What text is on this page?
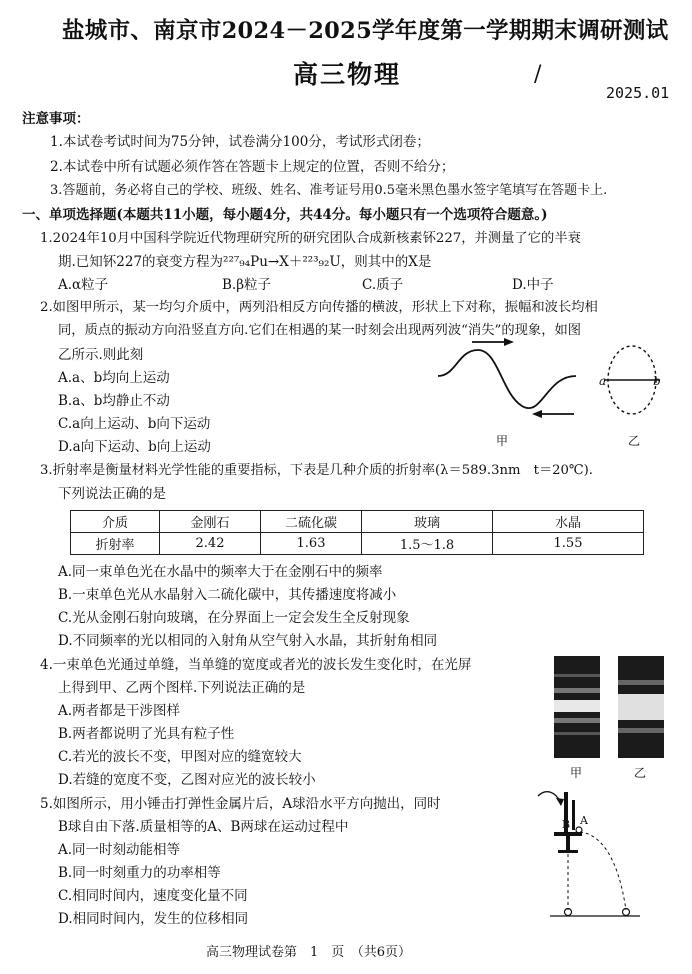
盐城市、南京市2024－2025学年度第一学期期末调研测试
高三物理	/
2025.01
注意事项：
1.本试卷考试时间为75分钟，试卷满分100分，考试形式闭卷；
2.本试卷中所有试题必须作答在答题卡上规定的位置，否则不给分；
3.答题前，务必将自己的学校、班级、姓名、准考证号用0.5毫米黑色墨水签字笔填写在答题卡上.
一、单项选择题(本题共11小题，每小题4分，共44分。每小题只有一个选项符合题意。)
1.2024年10月中国科学院近代物理研究所的研究团队合成新核素钚227，并测量了它的半衰
期.已知钚227的衰变方程为²²⁷₉₄Pu→X＋²²³₉₂U，则其中的X是
A.α粒子	B.β粒子	C.质子	D.中子
2.如图甲所示，某一均匀介质中，两列沿相反方向传播的横波，形状上下对称，振幅和波长均相
同，质点的振动方向沿竖直方向.它们在相遇的某一时刻会出现两列波“消失”的现象，如图
乙所示.则此刻
A.a、b均向上运动
B.a、b均静止不动
C.a向上运动、b向下运动
D.a向下运动、b向上运动	甲
a	b
乙
3.折射率是衡量材料光学性能的重要指标，下表是几种介质的折射率(λ＝589.3nm　t＝20℃).
下列说法正确的是
介质	金刚石	二硫化碳	玻璃	水晶
折射率	2.42	1.63	1.5～1.8	1.55
A.同一束单色光在水晶中的频率大于在金刚石中的频率
B.一束单色光从水晶射入二硫化碳中，其传播速度将减小
C.光从金刚石射向玻璃，在分界面上一定会发生全反射现象
D.不同频率的光以相同的入射角从空气射入水晶，其折射角相同
4.一束单色光通过单缝，当单缝的宽度或者光的波长发生变化时，在光屏
上得到甲、乙两个图样.下列说法正确的是
A.两者都是干涉图样
B.两者都说明了光具有粒子性
C.若光的波长不变，甲图对应的缝宽较大
D.若缝的宽度不变，乙图对应光的波长较小	甲	乙
5.如图所示，用小锤击打弹性金属片后，A球沿水平方向抛出，同时
B球自由下落.质量相等的A、B两球在运动过程中
A.同一时刻动能相等
B.同一时刻重力的功率相等
C.相同时间内，速度变化量不同
D.相同时间内，发生的位移相同
B A
高三物理试卷第　1　页　（共6页）
